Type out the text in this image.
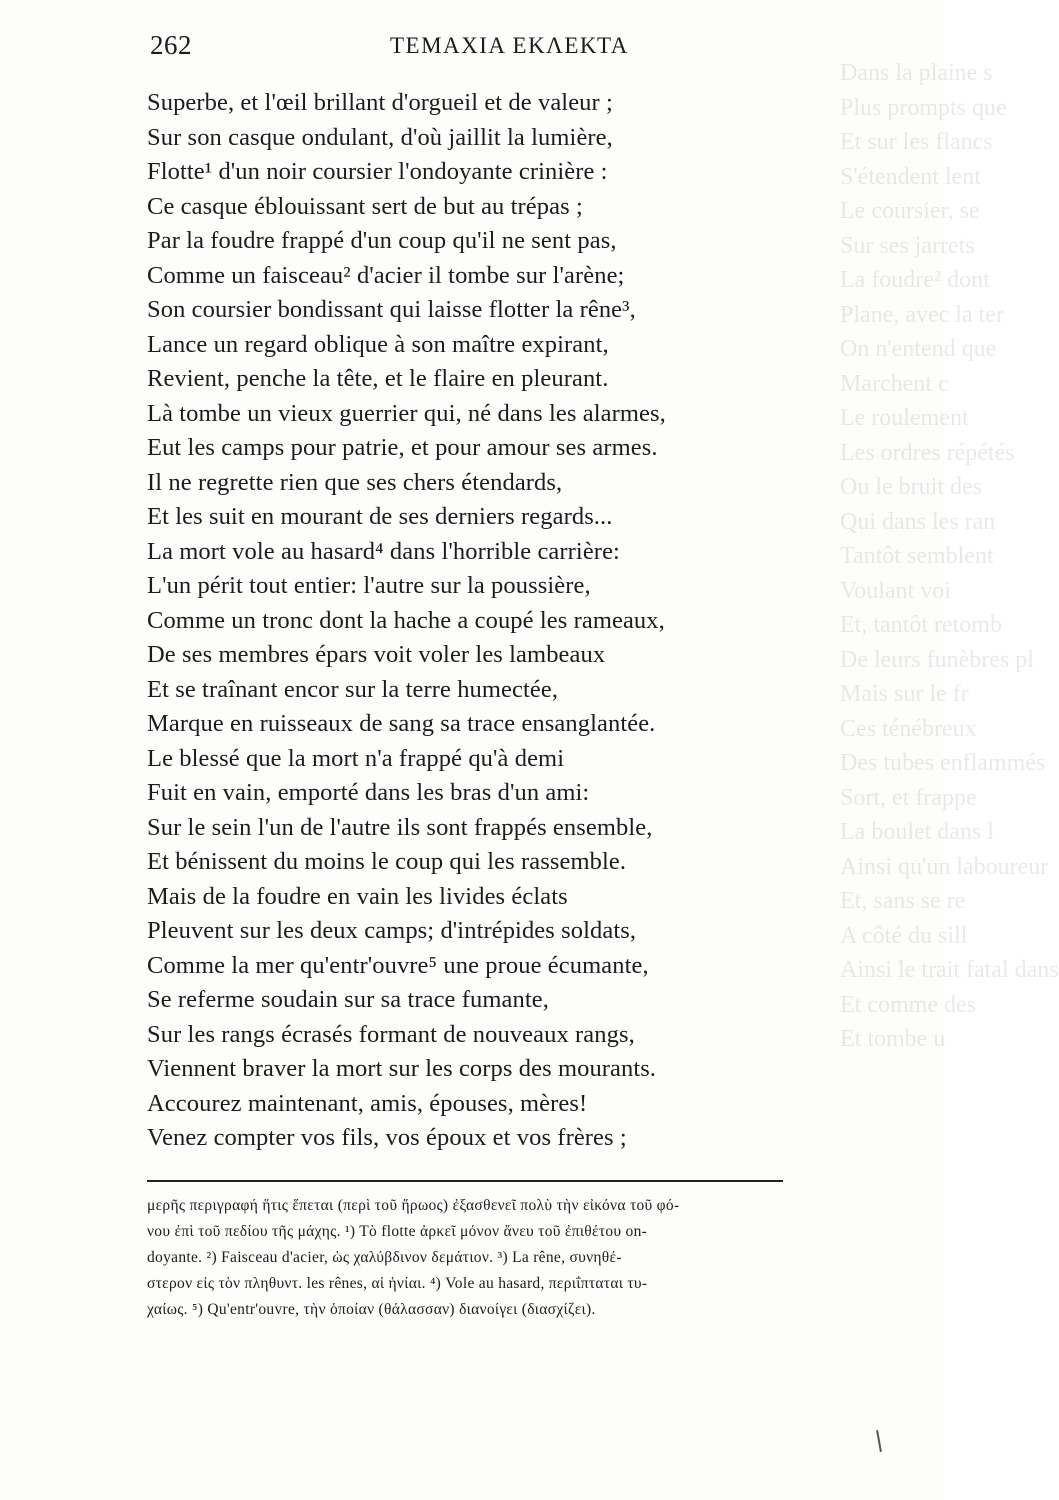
Dans la plaine s
Plus prompts que
Et sur les flancs
S'étendent lent
Le coursier, se
Sur ses jarrets
La foudre² dont
Plane, avec la ter
On n'entend que
Marchent c
Le roulement
Les ordres répétés
Ou le bruit des
Qui dans les ran
Tantôt semblent
Voulant voi
Et, tantôt retomb
De leurs funèbres pl
Mais sur le fr
Ces ténébreux
Des tubes enflammés
Sort, et frappe
La boulet dans l
Ainsi qu'un laboureur
Et, sans se re
A côté du sill
Ainsi le trait fatal dans
Et comme des
Et tombe u
262	ΤΕΜΑΧΙΑ ΕΚΛΕΚΤΑ
Superbe, et l'œil brillant d'orgueil et de valeur ;
Sur son casque ondulant, d'où jaillit la lumière,
Flotte¹ d'un noir coursier l'ondoyante crinière :
Ce casque éblouissant sert de but au trépas ;
Par la foudre frappé d'un coup qu'il ne sent pas,
Comme un faisceau² d'acier il tombe sur l'arène;
Son coursier bondissant qui laisse flotter la rêne³,
Lance un regard oblique à son maître expirant,
Revient, penche la tête, et le flaire en pleurant.
Là tombe un vieux guerrier qui, né dans les alarmes,
Eut les camps pour patrie, et pour amour ses armes.
Il ne regrette rien que ses chers étendards,
Et les suit en mourant de ses derniers regards...
La mort vole au hasard⁴ dans l'horrible carrière:
L'un périt tout entier: l'autre sur la poussière,
Comme un tronc dont la hache a coupé les rameaux,
De ses membres épars voit voler les lambeaux
Et se traînant encor sur la terre humectée,
Marque en ruisseaux de sang sa trace ensanglantée.
Le blessé que la mort n'a frappé qu'à demi
Fuit en vain, emporté dans les bras d'un ami:
Sur le sein l'un de l'autre ils sont frappés ensemble,
Et bénissent du moins le coup qui les rassemble.
Mais de la foudre en vain les livides éclats
Pleuvent sur les deux camps; d'intrépides soldats,
Comme la mer qu'entr'ouvre⁵ une proue écumante,
Se referme soudain sur sa trace fumante,
Sur les rangs écrasés formant de nouveaux rangs,
Viennent braver la mort sur les corps des mourants.
Accourez maintenant, amis, épouses, mères!
Venez compter vos fils, vos époux et vos frères ;
μερῆς περιγραφή ἥτις ἕπεται (περὶ τοῦ ἥρωος) ἐξασθενεῖ πολὺ τὴν εἰκόνα τοῦ φό-
νου ἐπὶ τοῦ πεδίου τῆς μάχης. ¹) Τὸ flotte ἀρκεῖ μόνον ἄνευ τοῦ ἐπιθέτου on-
doyante. ²) Faisceau d'acier, ὡς χαλύβδινον δεμάτιον. ³) La rêne, συνηθέ-
στερον εἰς τὸν πληθυντ. les rênes, αἱ ἡνίαι. ⁴) Vole au hasard, περιΐπταται τυ-
χαίως. ⁵) Qu'entr'ouvre, τὴν ὁποίαν (θάλασσαν) διανοίγει (διασχίζει).
